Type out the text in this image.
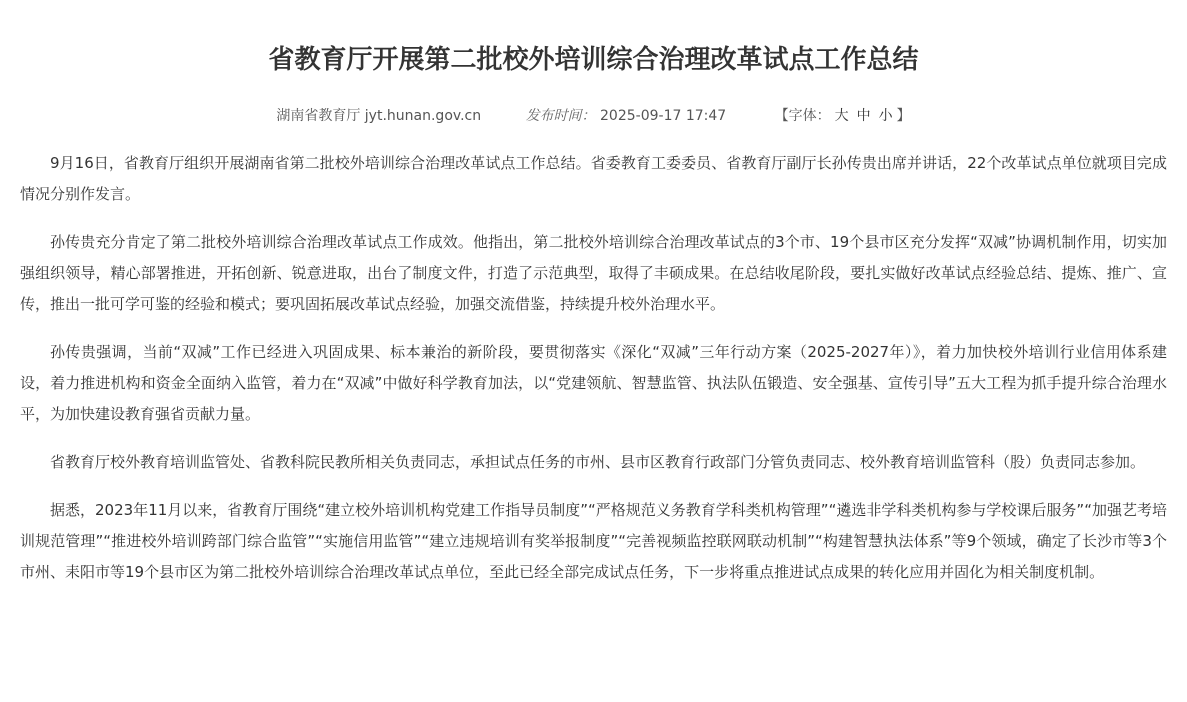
省教育厅开展第二批校外培训综合治理改革试点工作总结
湖南省教育厅 jyt.hunan.gov.cn	发布时间： 2025-09-17 17:47	【字体： 大 中 小 】

9月16日，省教育厅组织开展湖南省第二批校外培训综合治理改革试点工作总结。省委教育工委委员、省教育厅副厅长孙传贵出席并讲话，22个改革试点单位就项目完成情况分别作发言。

孙传贵充分肯定了第二批校外培训综合治理改革试点工作成效。他指出，第二批校外培训综合治理改革试点的3个市、19个县市区充分发挥“双减”协调机制作用，切实加强组织领导，精心部署推进，开拓创新、锐意进取，出台了制度文件，打造了示范典型，取得了丰硕成果。在总结收尾阶段，要扎实做好改革试点经验总结、提炼、推广、宣传，推出一批可学可鉴的经验和模式；要巩固拓展改革试点经验，加强交流借鉴，持续提升校外治理水平。

孙传贵强调，当前“双减”工作已经进入巩固成果、标本兼治的新阶段，要贯彻落实《深化“双减”三年行动方案（2025-2027年）》，着力加快校外培训行业信用体系建设，着力推进机构和资金全面纳入监管，着力在“双减”中做好科学教育加法，以“党建领航、智慧监管、执法队伍锻造、安全强基、宣传引导”五大工程为抓手提升综合治理水平，为加快建设教育强省贡献力量。

省教育厅校外教育培训监管处、省教科院民教所相关负责同志，承担试点任务的市州、县市区教育行政部门分管负责同志、校外教育培训监管科（股）负责同志参加。

据悉，2023年11月以来，省教育厅围绕“建立校外培训机构党建工作指导员制度”“严格规范义务教育学科类机构管理”“遴选非学科类机构参与学校课后服务”“加强艺考培训规范管理”“推进校外培训跨部门综合监管”“实施信用监管”“建立违规培训有奖举报制度”“完善视频监控联网联动机制”“构建智慧执法体系”等9个领域，确定了长沙市等3个市州、耒阳市等19个县市区为第二批校外培训综合治理改革试点单位，至此已经全部完成试点任务，下一步将重点推进试点成果的转化应用并固化为相关制度机制。
